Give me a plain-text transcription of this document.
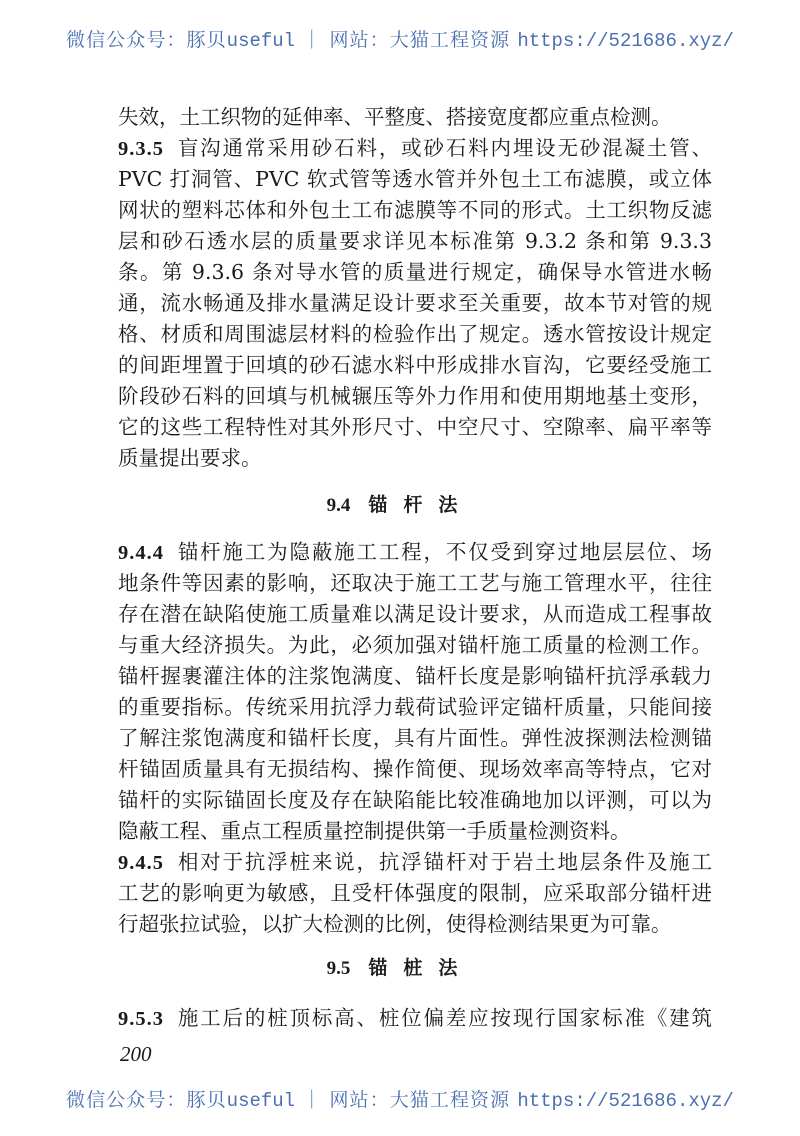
微信公众号：豚贝useful ｜ 网站：大猫工程资源 https://521686.xyz/
失效，土工织物的延伸率、平整度、搭接宽度都应重点检测。
9.3.5 盲沟通常采用砂石料，或砂石料内埋设无砂混凝土管、
PVC 打洞管、PVC 软式管等透水管并外包土工布滤膜，或立体
网状的塑料芯体和外包土工布滤膜等不同的形式。土工织物反滤
层和砂石透水层的质量要求详见本标准第 9.3.2 条和第 9.3.3
条。第 9.3.6 条对导水管的质量进行规定，确保导水管进水畅
通，流水畅通及排水量满足设计要求至关重要，故本节对管的规
格、材质和周围滤层材料的检验作出了规定。透水管按设计规定
的间距埋置于回填的砂石滤水料中形成排水盲沟，它要经受施工
阶段砂石料的回填与机械辗压等外力作用和使用期地基土变形，
它的这些工程特性对其外形尺寸、中空尺寸、空隙率、扁平率等
质量提出要求。
9.4 锚杆法
9.4.4 锚杆施工为隐蔽施工工程，不仅受到穿过地层层位、场
地条件等因素的影响，还取决于施工工艺与施工管理水平，往往
存在潜在缺陷使施工质量难以满足设计要求，从而造成工程事故
与重大经济损失。为此，必须加强对锚杆施工质量的检测工作。
锚杆握裹灌注体的注浆饱满度、锚杆长度是影响锚杆抗浮承载力
的重要指标。传统采用抗浮力载荷试验评定锚杆质量，只能间接
了解注浆饱满度和锚杆长度，具有片面性。弹性波探测法检测锚
杆锚固质量具有无损结构、操作简便、现场效率高等特点，它对
锚杆的实际锚固长度及存在缺陷能比较准确地加以评测，可以为
隐蔽工程、重点工程质量控制提供第一手质量检测资料。
9.4.5 相对于抗浮桩来说，抗浮锚杆对于岩土地层条件及施工
工艺的影响更为敏感，且受杆体强度的限制，应采取部分锚杆进
行超张拉试验，以扩大检测的比例，使得检测结果更为可靠。
9.5 锚桩法
9.5.3 施工后的桩顶标高、桩位偏差应按现行国家标准《建筑
200
微信公众号：豚贝useful ｜ 网站：大猫工程资源 https://521686.xyz/
